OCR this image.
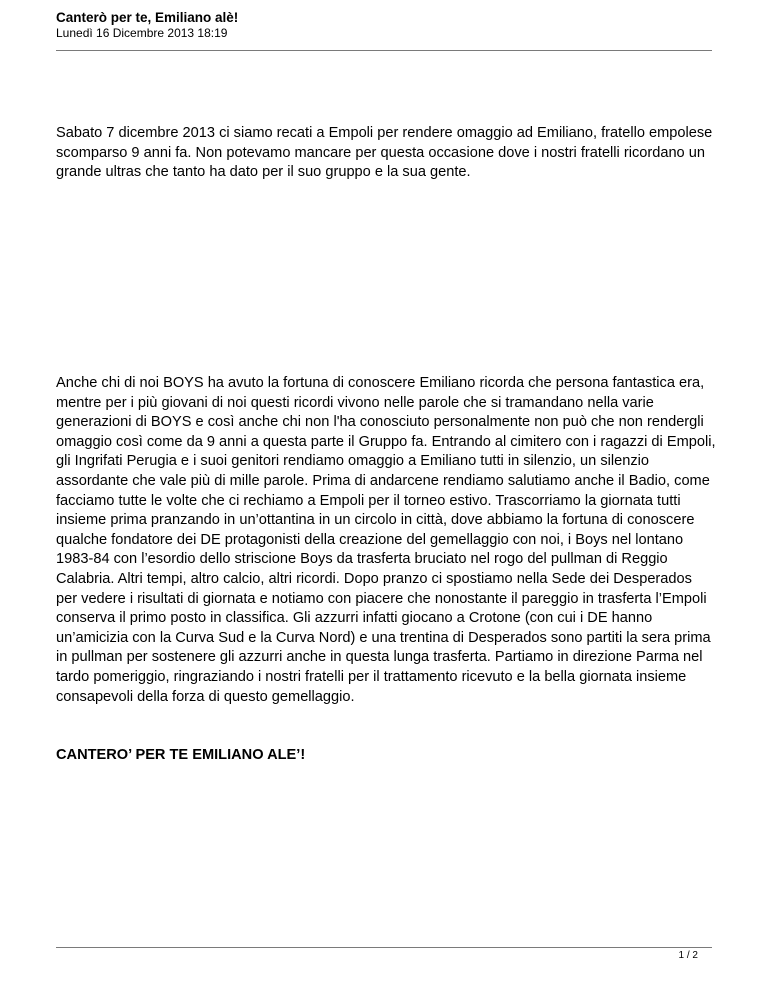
Canterò per te, Emiliano alè!
Lunedì 16 Dicembre 2013 18:19

Sabato 7 dicembre 2013 ci siamo recati a Empoli per rendere omaggio ad Emiliano, fratello empolese scomparso 9 anni fa. Non potevamo mancare per questa occasione dove i nostri fratelli ricordano un grande ultras che tanto ha dato per il suo gruppo e la sua gente.

Anche chi di noi BOYS ha avuto la fortuna di conoscere Emiliano ricorda che persona fantastica era, mentre per i più giovani di noi questi ricordi vivono nelle parole che si tramandano nella varie generazioni di BOYS e così anche chi non l'ha conosciuto personalmente non può che non rendergli omaggio così come da 9 anni a questa parte il Gruppo fa. Entrando al cimitero con i ragazzi di Empoli, gli Ingrifati Perugia e i suoi genitori rendiamo omaggio a Emiliano tutti in silenzio, un silenzio assordante che vale più di mille parole. Prima di andarcene rendiamo salutiamo anche il Badio, come facciamo tutte le volte che ci rechiamo a Empoli per il torneo estivo. Trascorriamo la giornata tutti insieme prima pranzando in un’ottantina in un circolo in città, dove abbiamo la fortuna di conoscere qualche fondatore dei DE protagonisti della creazione del gemellaggio con noi, i Boys nel lontano 1983-84 con l’esordio dello striscione Boys da trasferta bruciato nel rogo del pullman di Reggio Calabria. Altri tempi, altro calcio, altri ricordi. Dopo pranzo ci spostiamo nella Sede dei Desperados per vedere i risultati di giornata e notiamo con piacere che nonostante il pareggio in trasferta l’Empoli conserva il primo posto in classifica. Gli azzurri infatti giocano a Crotone (con cui i DE hanno un’amicizia con la Curva Sud e la Curva Nord) e una trentina di Desperados sono partiti la sera prima in pullman per sostenere gli azzurri anche in questa lunga trasferta. Partiamo in direzione Parma nel tardo pomeriggio, ringraziando i nostri fratelli per il trattamento ricevuto e la bella giornata insieme consapevoli della forza di questo gemellaggio.

CANTERO’ PER TE EMILIANO ALE’!

1 / 2
